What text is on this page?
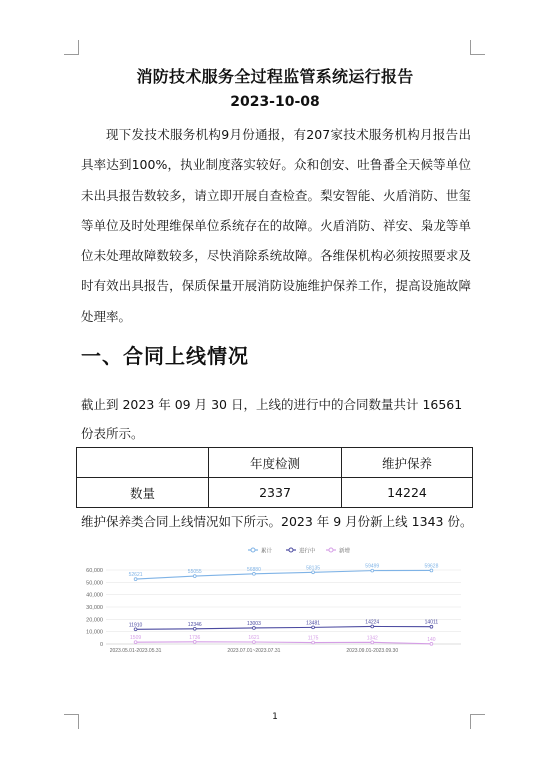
消防技术服务全过程监管系统运行报告
2023-10-08

现下发技术服务机构9月份通报，有207家技术服务机构月报告出具率达到100%，执业制度落实较好。众和创安、吐鲁番全天候等单位未出具报告数较多，请立即开展自查检查。梨安智能、火盾消防、世玺等单位及时处理维保单位系统存在的故障。火盾消防、祥安、枭龙等单位未处理故障数较多，尽快消除系统故障。各维保机构必须按照要求及时有效出具报告，保质保量开展消防设施维护保养工作，提高设施故障处理率。

一、合同上线情况

截止到 2023 年 09 月 30 日，上线的进行中的合同数量共计 16561 份表所示。

	年度检测	维护保养
数量	2337	14224

维护保养类合同上线情况如下所示。2023 年 9 月份新上线 1343 份。

累计	进行中	新增
0
10,000
20,000
30,000
40,000
50,000
60,000
2023.05.01-2023.05.31	2023.07.01~2023.07.31	2023.09.01-2023.09.30
52621
55055	56880	58135	59499	59628
11910	12346	13003	13481	14224	14011
1509	1736	1621	1175	1342	140
1
